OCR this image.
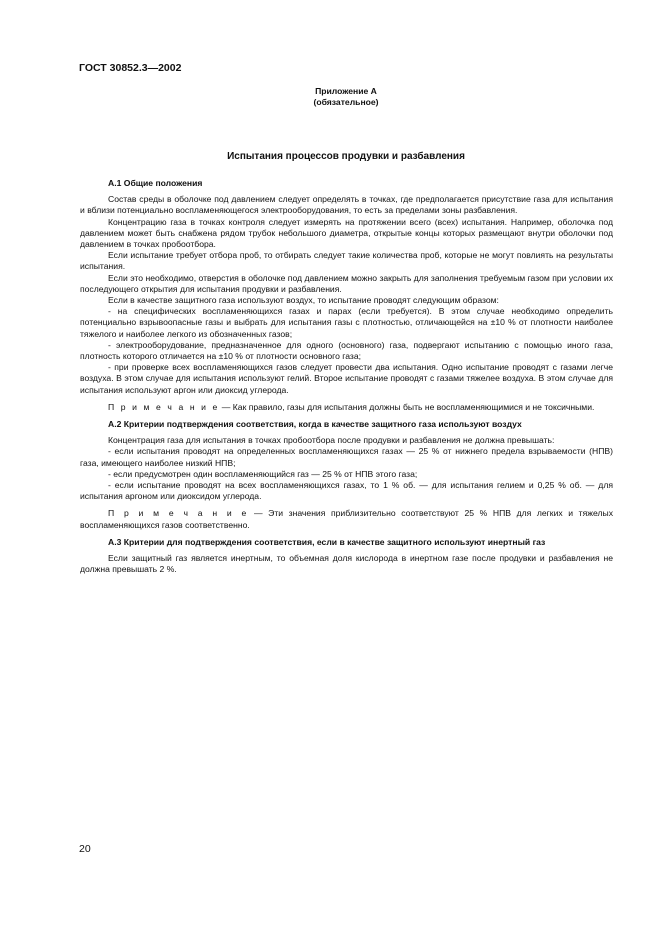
ГОСТ 30852.3—2002
Приложение А
(обязательное)
Испытания процессов продувки и разбавления

А.1 Общие положения

Состав среды в оболочке под давлением следует определять в точках, где предполагается присутствие газа для испытания и вблизи потенциально воспламеняющегося электрооборудования, то есть за пределами зоны разбавления.

Концентрацию газа в точках контроля следует измерять на протяжении всего (всех) испытания. Например, оболочка под давлением может быть снабжена рядом трубок небольшого диаметра, открытые концы которых размещают внутри оболочки под давлением в точках пробоотбора.

Если испытание требует отбора проб, то отбирать следует такие количества проб, которые не могут повлиять на результаты испытания.

Если это необходимо, отверстия в оболочке под давлением можно закрыть для заполнения требуемым газом при условии их последующего открытия для испытания продувки и разбавления.

Если в качестве защитного газа используют воздух, то испытание проводят следующим образом:

- на специфических воспламеняющихся газах и парах (если требуется). В этом случае необходимо определить потенциально взрывоопасные газы и выбрать для испытания газы с плотностью, отличающейся на ±10 % от плотности наиболее тяжелого и наиболее легкого из обозначенных газов;

- электрооборудование, предназначенное для одного (основного) газа, подвергают испытанию с помощью иного газа, плотность которого отличается на ±10 % от плотности основного газа;

- при проверке всех воспламеняющихся газов следует провести два испытания. Одно испытание проводят с газами легче воздуха. В этом случае для испытания используют гелий. Второе испытание проводят с газами тяжелее воздуха. В этом случае для испытания используют аргон или диоксид углерода.

П р и м е ч а н и е — Как правило, газы для испытания должны быть не воспламеняющимися и не токсичными.

А.2 Критерии подтверждения соответствия, когда в качестве защитного газа используют воздух

Концентрация газа для испытания в точках пробоотбора после продувки и разбавления не должна превышать:

- если испытания проводят на определенных воспламеняющихся газах — 25 % от нижнего предела взрываемости (НПВ) газа, имеющего наиболее низкий НПВ;

- если предусмотрен один воспламеняющийся газ — 25 % от НПВ этого газа;

- если испытание проводят на всех воспламеняющихся газах, то 1 % об. — для испытания гелием и 0,25 % об. — для испытания аргоном или диоксидом углерода.

П р и м е ч а н и е — Эти значения приблизительно соответствуют 25 % НПВ для легких и тяжелых воспламеняющихся газов соответственно.

А.3 Критерии для подтверждения соответствия, если в качестве защитного используют инертный газ

Если защитный газ является инертным, то объемная доля кислорода в инертном газе после продувки и разбавления не должна превышать 2 %.

20
